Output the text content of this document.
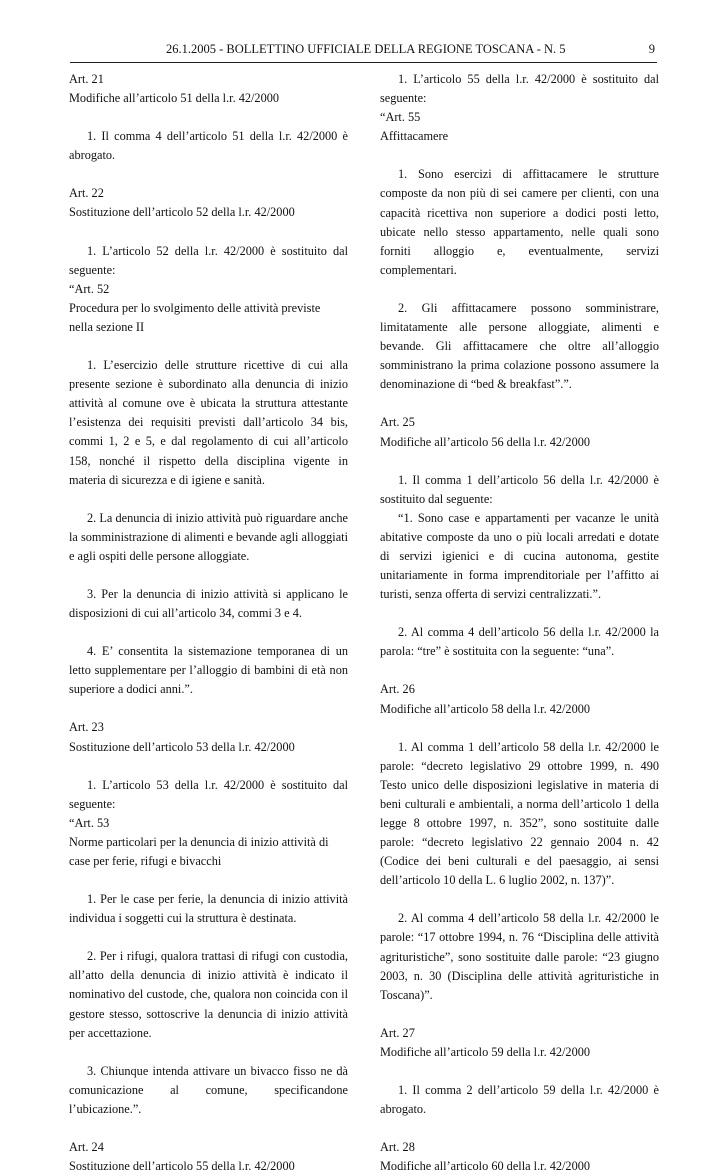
26.1.2005 - BOLLETTINO UFFICIALE DELLA REGIONE TOSCANA - N. 5	9

Art. 21

Modifiche all’articolo 51 della l.r. 42/2000

1. Il comma 4 dell’articolo 51 della l.r. 42/2000 è abrogato.

Art. 22

Sostituzione dell’articolo 52 della l.r. 42/2000

1. L’articolo 52 della l.r. 42/2000 è sostituito dal seguente:

“Art. 52

Procedura per lo svolgimento delle attività previste

nella sezione II

1. L’esercizio delle strutture ricettive di cui alla presente sezione è subordinato alla denuncia di inizio attività al comune ove è ubicata la struttura attestante l’esistenza dei requisiti previsti dall’articolo 34 bis, commi 1, 2 e 5, e dal regolamento di cui all’articolo 158, nonché il rispetto della disciplina vigente in materia di sicurezza e di igiene e sanità.

2. La denuncia di inizio attività può riguardare anche la somministrazione di alimenti e bevande agli alloggiati e agli ospiti delle persone alloggiate.

3. Per la denuncia di inizio attività si applicano le disposizioni di cui all’articolo 34, commi 3 e 4.

4. E’ consentita la sistemazione temporanea di un letto supplementare per l’alloggio di bambini di età non superiore a dodici anni.”.

Art. 23

Sostituzione dell’articolo 53 della l.r. 42/2000

1. L’articolo 53 della l.r. 42/2000 è sostituito dal seguente:

“Art. 53

Norme particolari per la denuncia di inizio attività di

case per ferie, rifugi e bivacchi

1. Per le case per ferie, la denuncia di inizio attività individua i soggetti cui la struttura è destinata.

2. Per i rifugi, qualora trattasi di rifugi con custodia, all’atto della denuncia di inizio attività è indicato il nominativo del custode, che, qualora non coincida con il gestore stesso, sottoscrive la denuncia di inizio attività per accettazione.

3. Chiunque intenda attivare un bivacco fisso ne dà comunicazione al comune, specificandone l’ubicazione.”.

Art. 24

Sostituzione dell’articolo 55 della l.r. 42/2000

1. L’articolo 55 della l.r. 42/2000 è sostituito dal seguente:

“Art. 55

Affittacamere

1. Sono esercizi di affittacamere le strutture composte da non più di sei camere per clienti, con una capacità ricettiva non superiore a dodici posti letto, ubicate nello stesso appartamento, nelle quali sono forniti alloggio e, eventualmente, servizi complementari.

2. Gli affittacamere possono somministrare, limitatamente alle persone alloggiate, alimenti e bevande. Gli affittacamere che oltre all’alloggio somministrano la prima colazione possono assumere la denominazione di “bed & breakfast”.”.

Art. 25

Modifiche all’articolo 56 della l.r. 42/2000

1. Il comma 1 dell’articolo 56 della l.r. 42/2000 è sostituito dal seguente:

“1. Sono case e appartamenti per vacanze le unità abitative composte da uno o più locali arredati e dotate di servizi igienici e di cucina autonoma, gestite unitariamente in forma imprenditoriale per l’affitto ai turisti, senza offerta di servizi centralizzati.”.

2. Al comma 4 dell’articolo 56 della l.r. 42/2000 la parola: “tre” è sostituita con la seguente: “una”.

Art. 26

Modifiche all’articolo 58 della l.r. 42/2000

1. Al comma 1 dell’articolo 58 della l.r. 42/2000 le parole: “decreto legislativo 29 ottobre 1999, n. 490 Testo unico delle disposizioni legislative in materia di beni culturali e ambientali, a norma dell’articolo 1 della legge 8 ottobre 1997, n. 352”, sono sostituite dalle parole: “decreto legislativo 22 gennaio 2004 n. 42 (Codice dei beni culturali e del paesaggio, ai sensi dell’articolo 10 della L. 6 luglio 2002, n. 137)”.

2. Al comma 4 dell’articolo 58 della l.r. 42/2000 le parole: “17 ottobre 1994, n. 76 “Disciplina delle attività agrituristiche”, sono sostituite dalle parole: “23 giugno 2003, n. 30 (Disciplina delle attività agrituristiche in Toscana)”.

Art. 27

Modifiche all’articolo 59 della l.r. 42/2000

1. Il comma 2 dell’articolo 59 della l.r. 42/2000 è abrogato.

Art. 28

Modifiche all’articolo 60 della l.r. 42/2000
